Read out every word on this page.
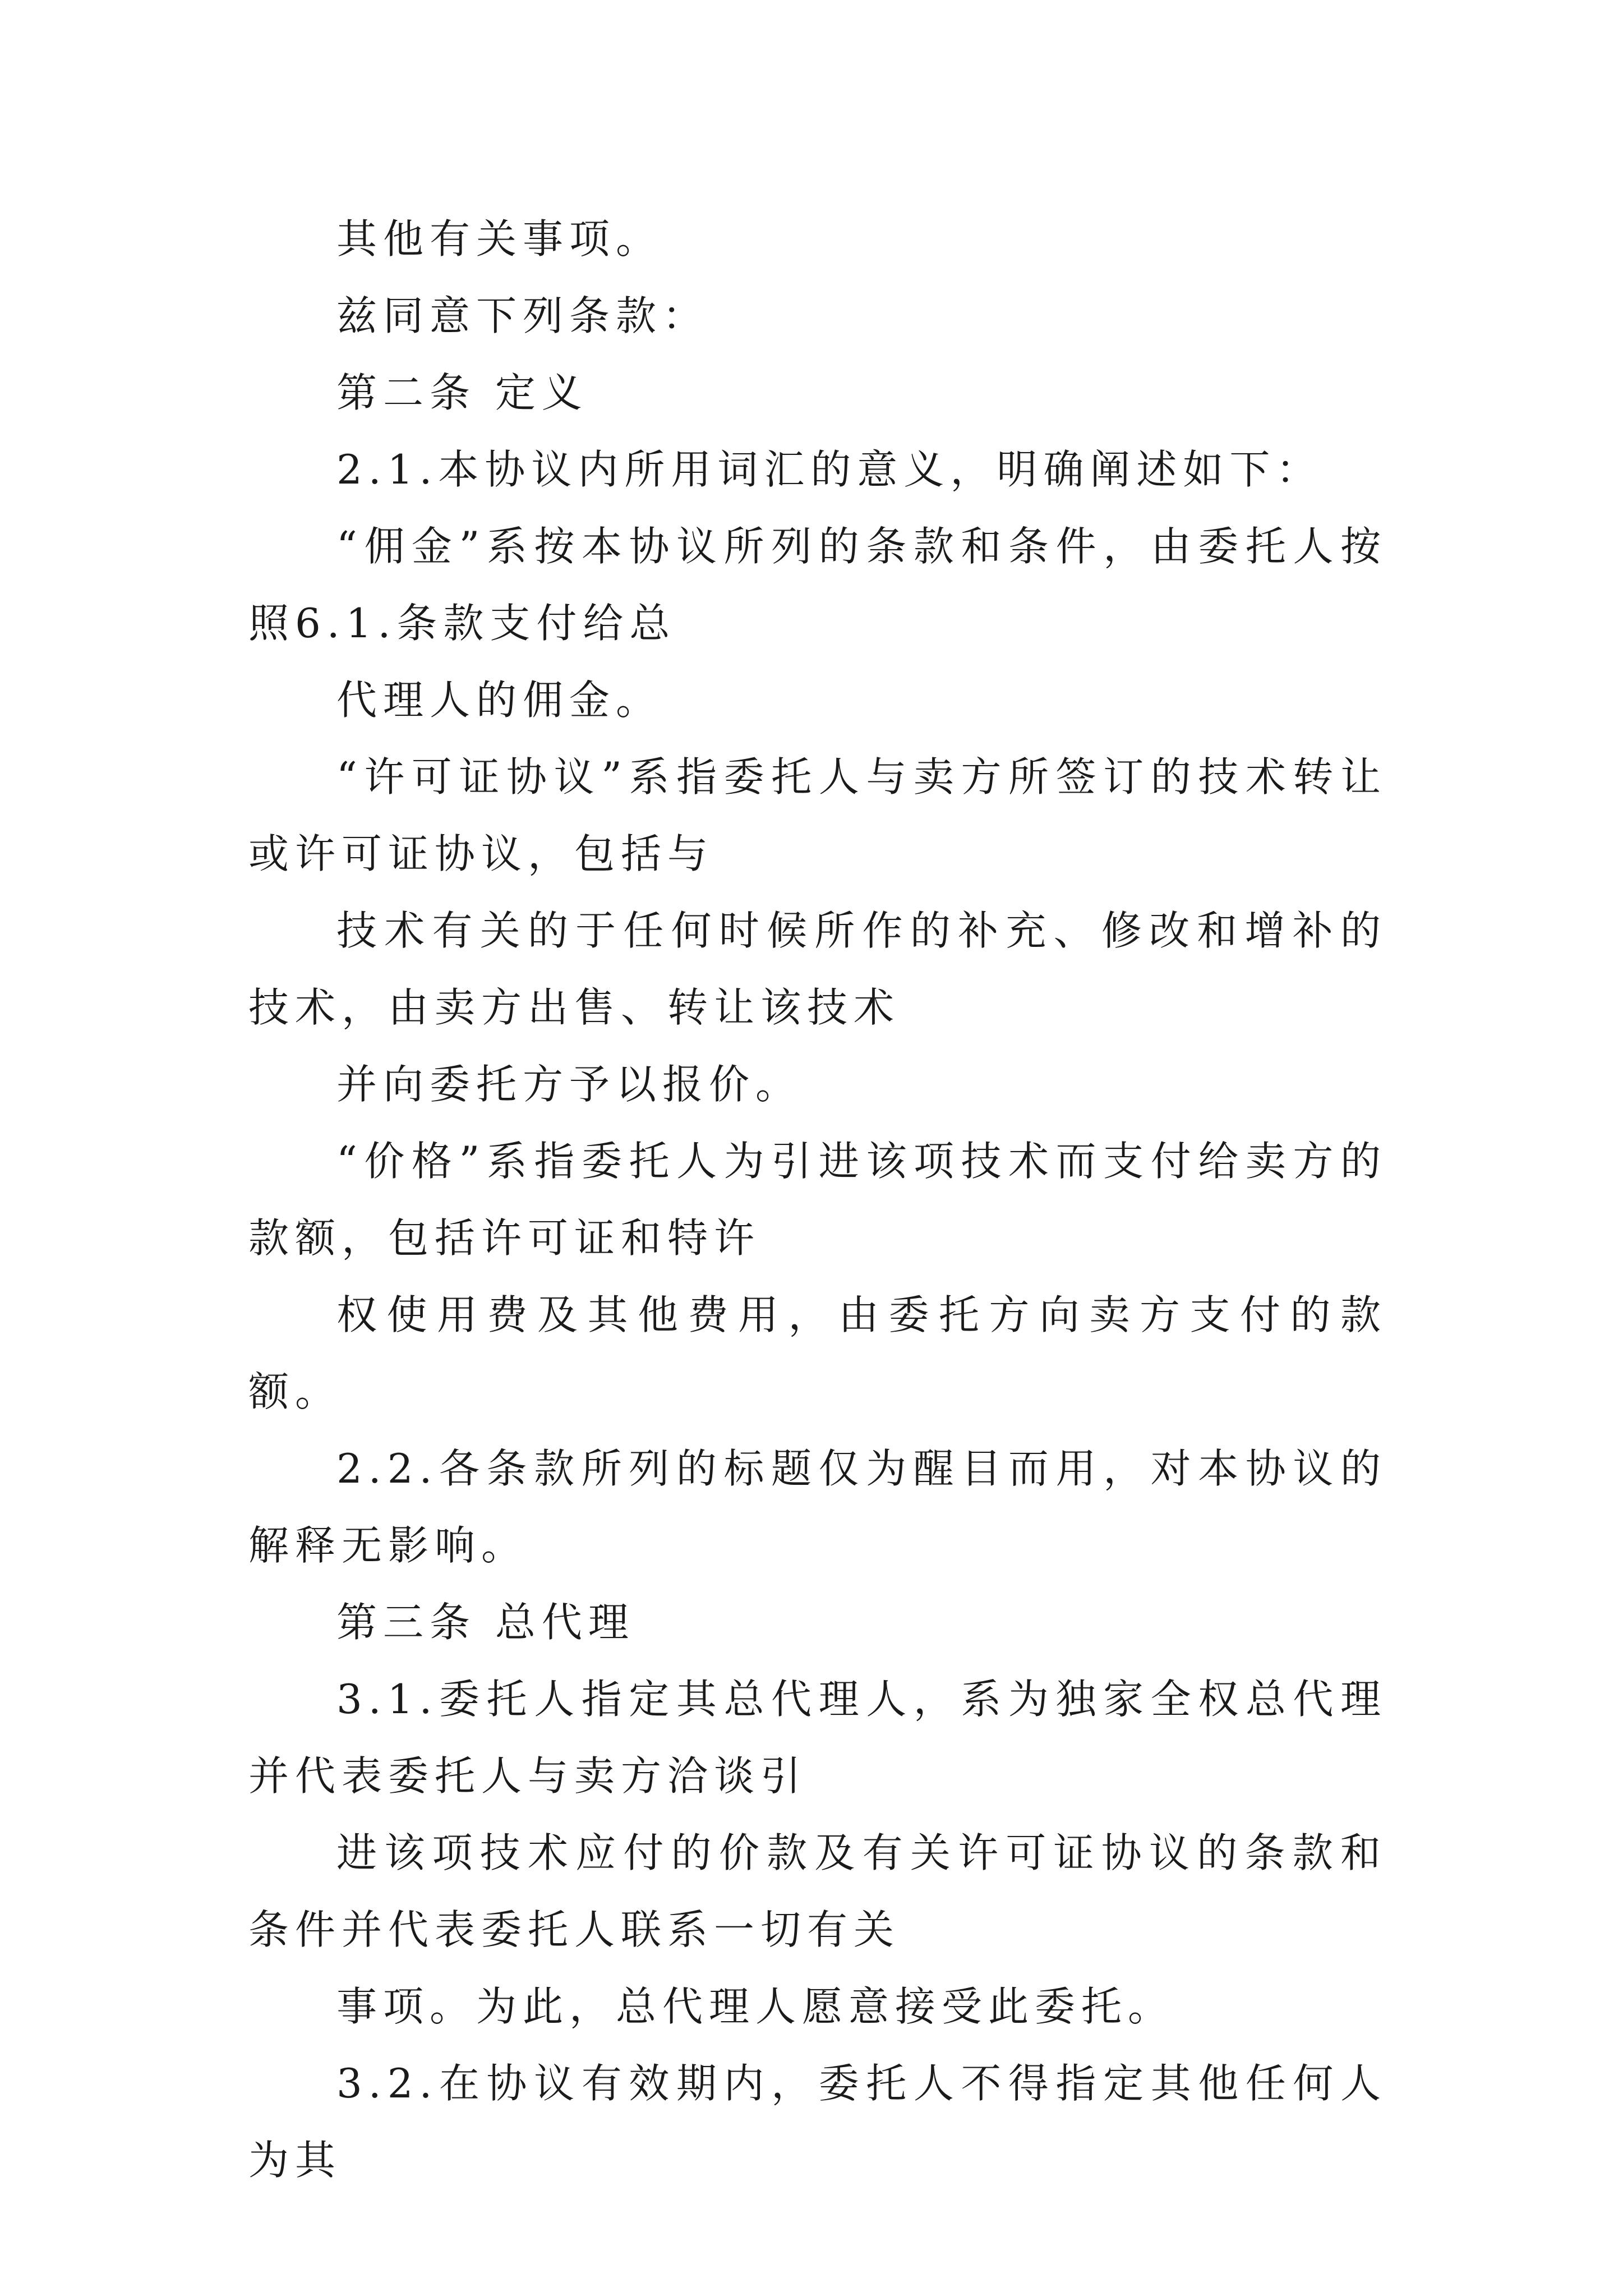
其他有关事项。

兹同意下列条款：

第二条 定义

2.1.本协议内所用词汇的意义，明确阐述如下：

“佣金”系按本协议所列的条款和条件，由委托人按照6.1.条款支付给总

代理人的佣金。

“许可证协议”系指委托人与卖方所签订的技术转让或许可证协议，包括与

技术有关的于任何时候所作的补充、修改和增补的技术，由卖方出售、转让该技术

并向委托方予以报价。

“价格”系指委托人为引进该项技术而支付给卖方的款额，包括许可证和特许

权使用费及其他费用，由委托方向卖方支付的款额。

2.2.各条款所列的标题仅为醒目而用，对本协议的解释无影响。

第三条 总代理

3.1.委托人指定其总代理人，系为独家全权总代理并代表委托人与卖方洽谈引

进该项技术应付的价款及有关许可证协议的条款和条件并代表委托人联系一切有关

事项。为此，总代理人愿意接受此委托。

3.2.在协议有效期内，委托人不得指定其他任何人为其
